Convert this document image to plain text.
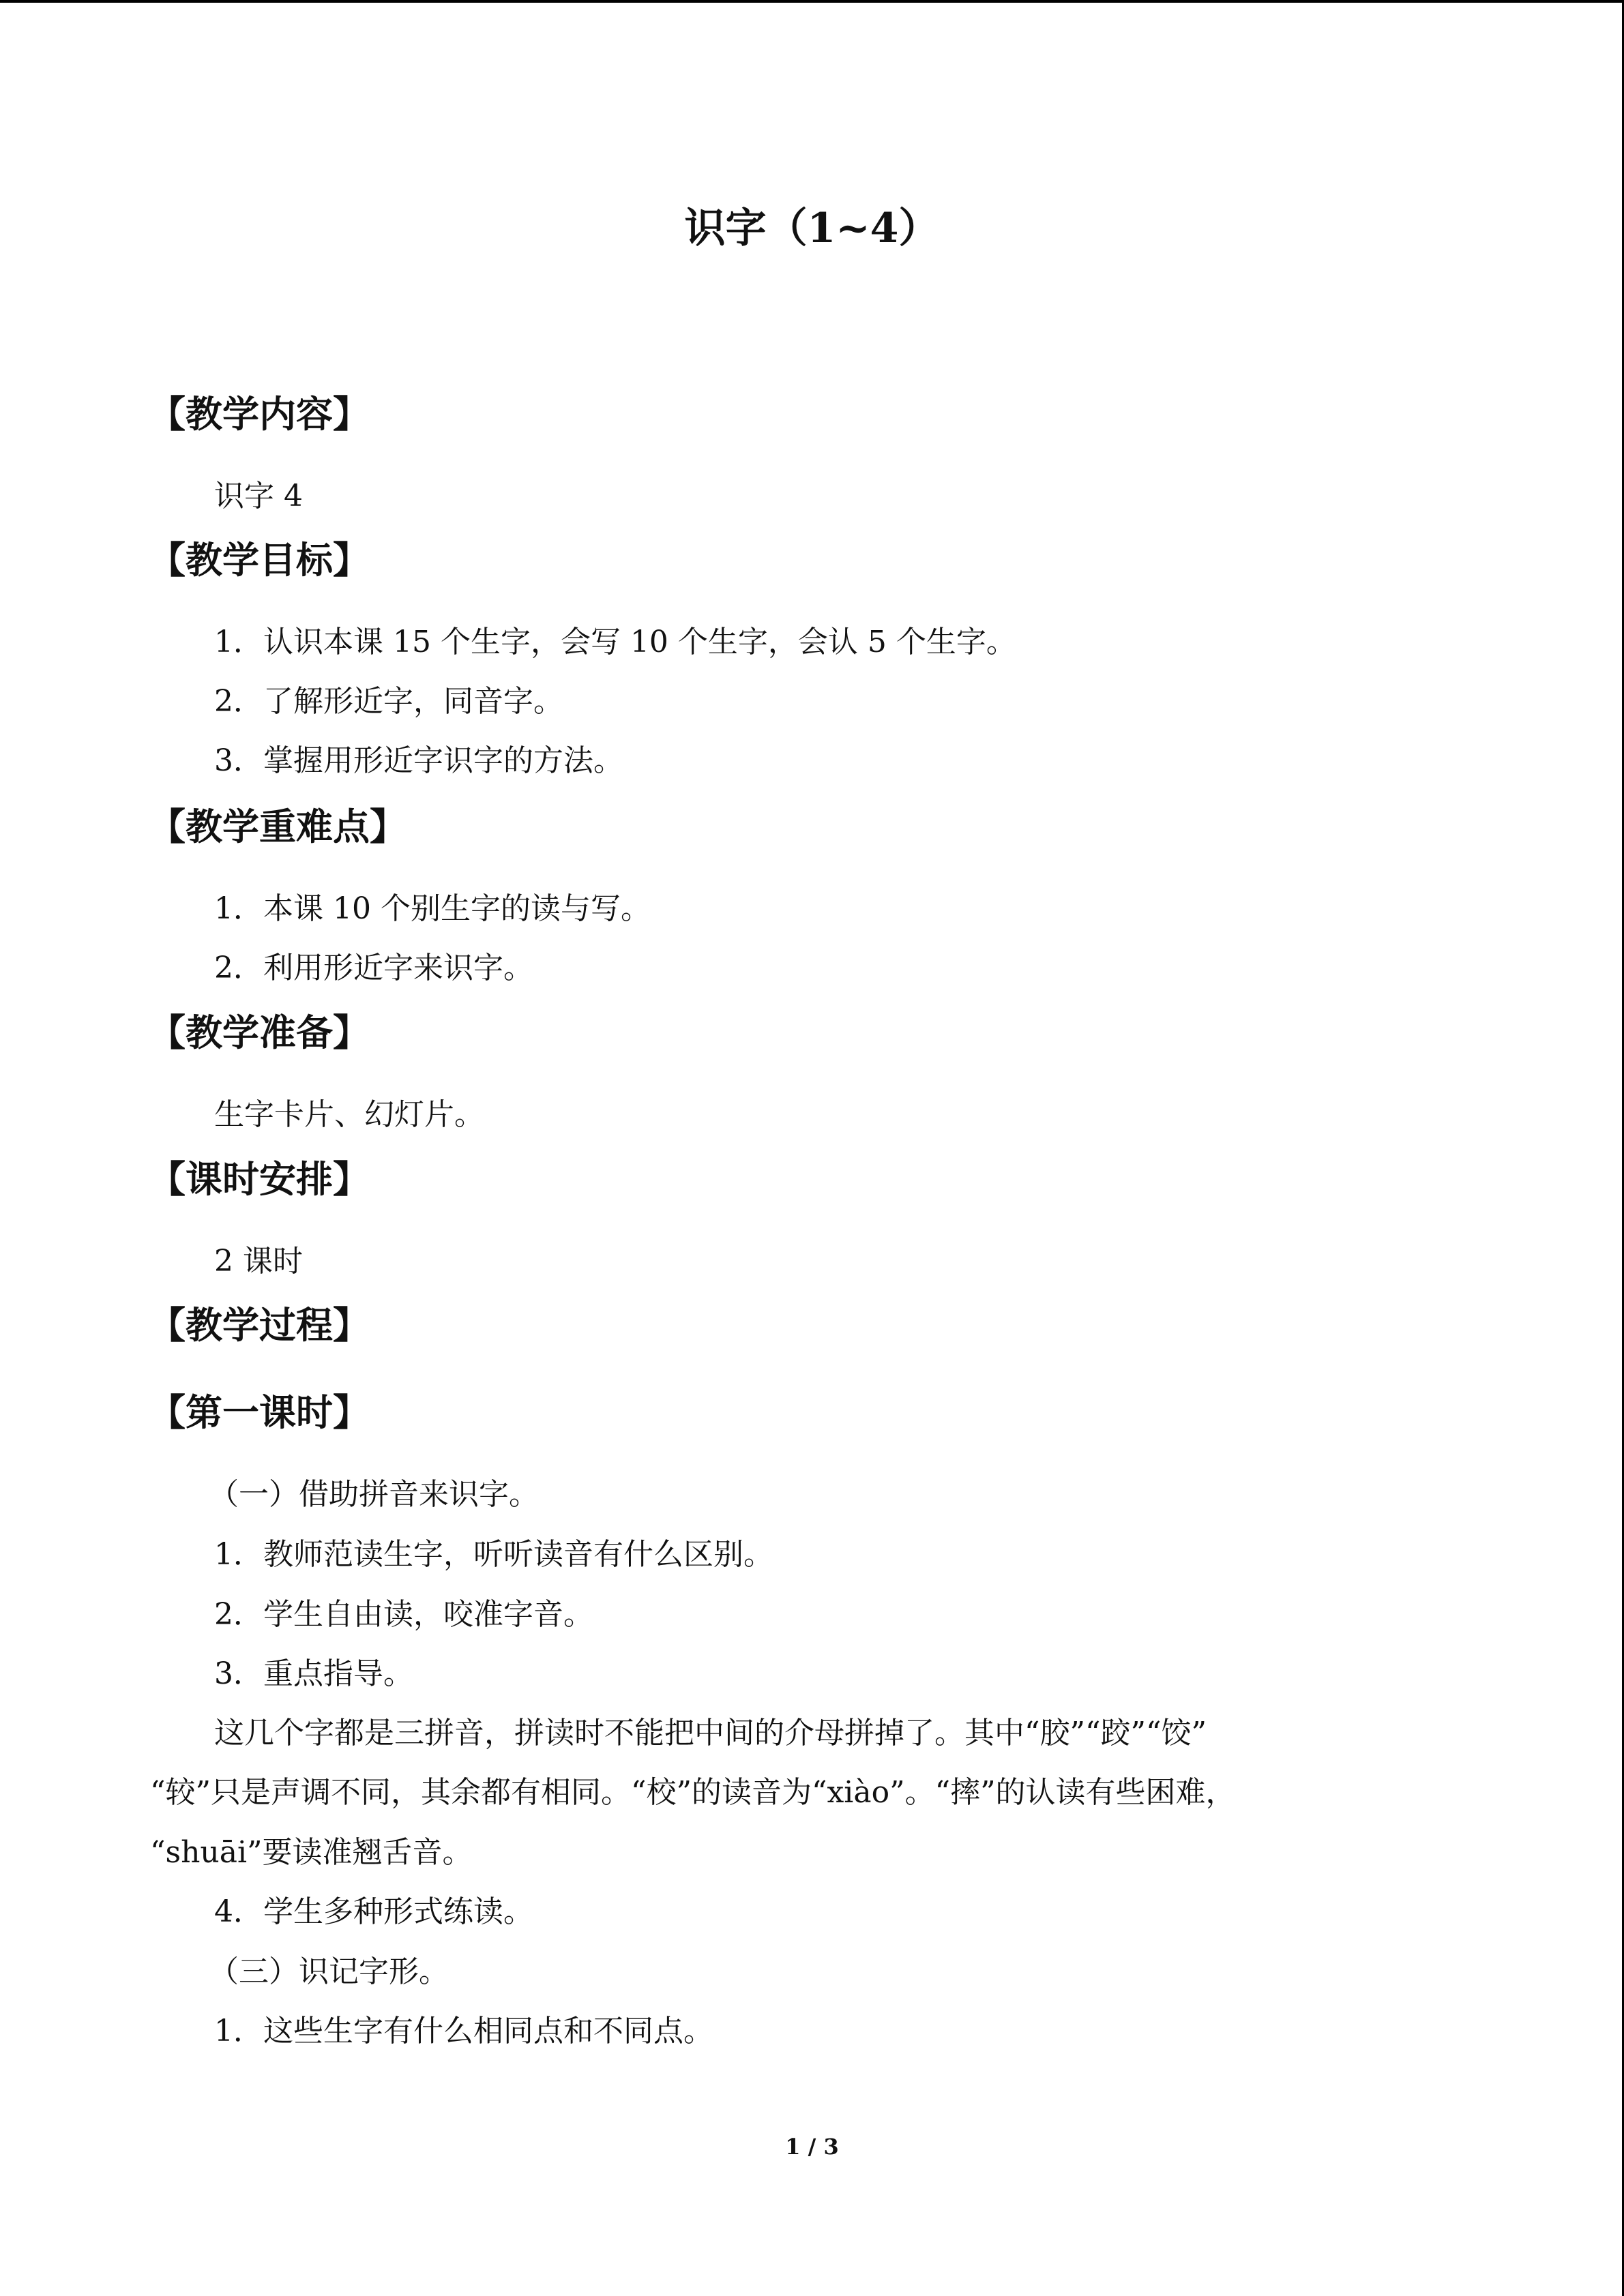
识字（1~4）
【教学内容】
识字 4
【教学目标】
1．认识本课 15 个生字，会写 10 个生字，会认 5 个生字。
2．了解形近字，同音字。
3．掌握用形近字识字的方法。
【教学重难点】
1．本课 10 个别生字的读与写。
2．利用形近字来识字。
【教学准备】
生字卡片、幻灯片。
【课时安排】
2 课时
【教学过程】
【第一课时】
（一）借助拼音来识字。
1．教师范读生字，听听读音有什么区别。
2．学生自由读，咬准字音。
3．重点指导。
这几个字都是三拼音，拼读时不能把中间的介母拼掉了。其中“胶”“跤”“饺”
“较”只是声调不同，其余都有相同。“校”的读音为“xiào”。“摔”的认读有些困难，
“shuāi”要读准翘舌音。
4．学生多种形式练读。
（三）识记字形。
1．这些生字有什么相同点和不同点。
1 / 3
